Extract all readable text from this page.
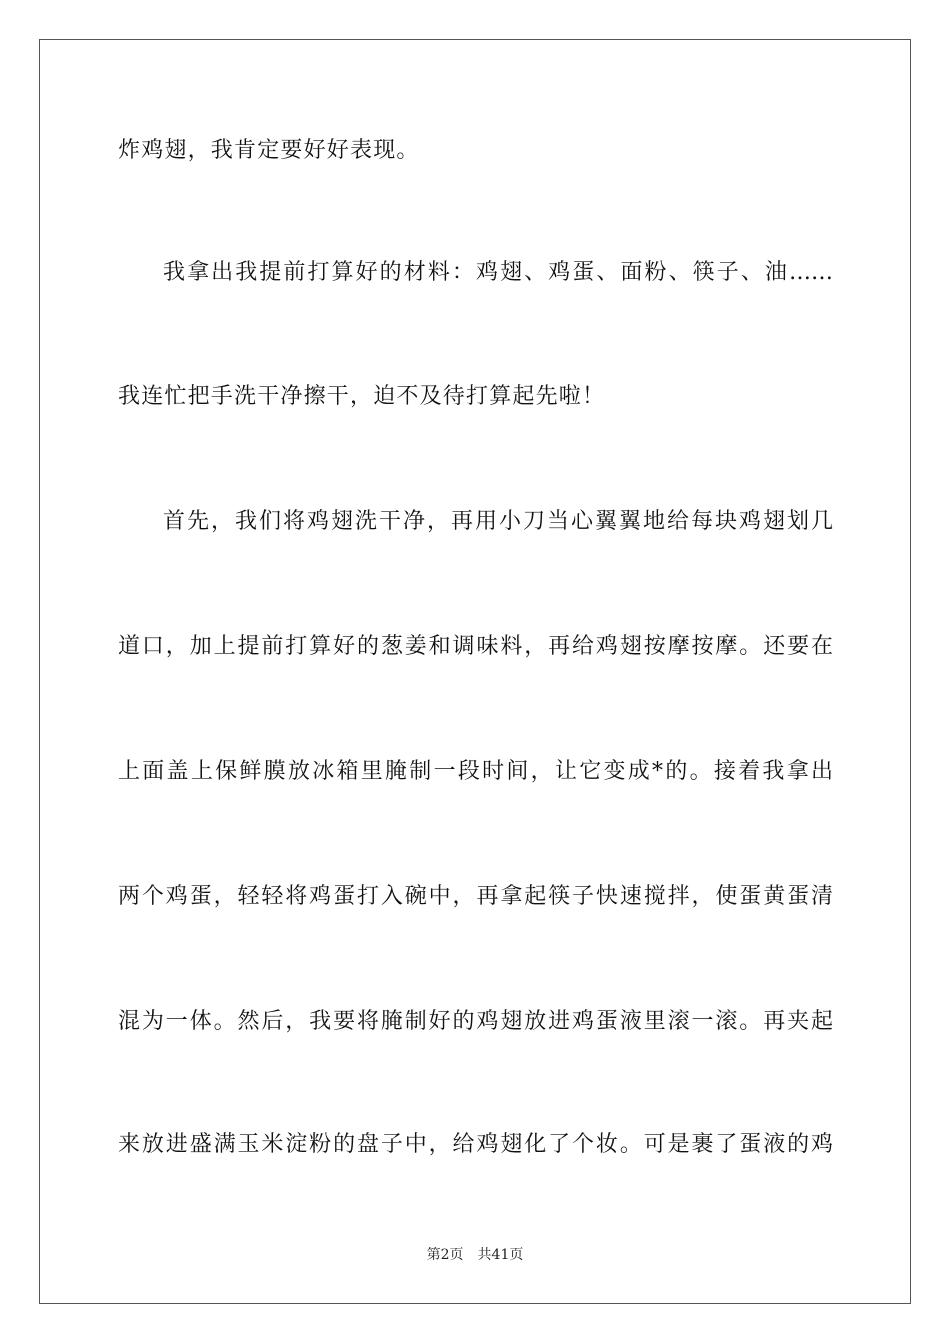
炸鸡翅，我肯定要好好表现。
我拿出我提前打算好的材料：鸡翅、鸡蛋、面粉、筷子、油……
我连忙把手洗干净擦干，迫不及待打算起先啦！
首先，我们将鸡翅洗干净，再用小刀当心翼翼地给每块鸡翅划几
道口，加上提前打算好的葱姜和调味料，再给鸡翅按摩按摩。还要在
上面盖上保鲜膜放冰箱里腌制一段时间，让它变成*的。接着我拿出
两个鸡蛋，轻轻将鸡蛋打入碗中，再拿起筷子快速搅拌，使蛋黄蛋清
混为一体。然后，我要将腌制好的鸡翅放进鸡蛋液里滚一滚。再夹起
来放进盛满玉米淀粉的盘子中，给鸡翅化了个妆。可是裹了蛋液的鸡
第2页 共41页
